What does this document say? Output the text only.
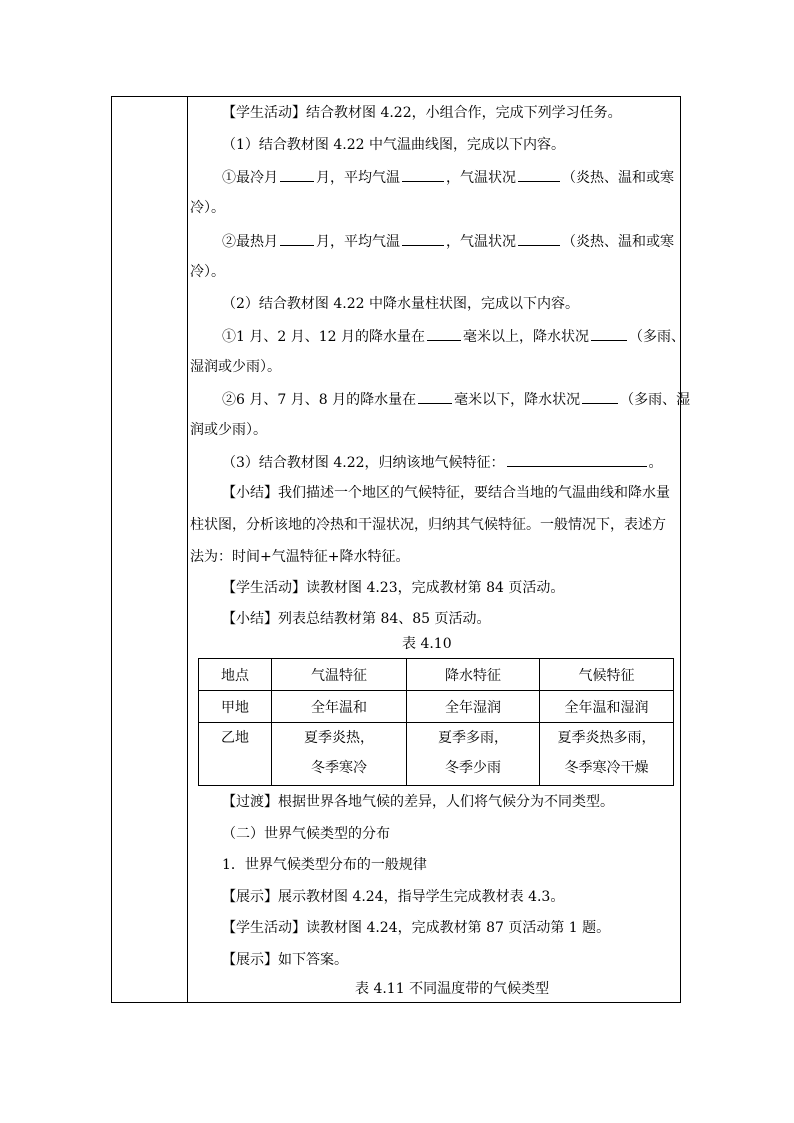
【学生活动】结合教材图 4.22，小组合作，完成下列学习任务。
（1）结合教材图 4.22 中气温曲线图，完成以下内容。
①最冷月	月，平均气温	，气温状况	（炎热、温和或寒
冷）。
②最热月	月，平均气温	，气温状况	（炎热、温和或寒
冷）。
（2）结合教材图 4.22 中降水量柱状图，完成以下内容。
①1 月、2 月、12 月的降水量在	毫米以上，降水状况	（多雨、
湿润或少雨）。
②6 月、7 月、8 月的降水量在	毫米以下，降水状况	（多雨、湿
润或少雨）。
（3）结合教材图 4.22，归纳该地气候特征：	。
【小结】我们描述一个地区的气候特征，要结合当地的气温曲线和降水量
柱状图，分析该地的冷热和干湿状况，归纳其气候特征。一般情况下，表述方
法为：时间+气温特征+降水特征。
【学生活动】读教材图 4.23，完成教材第 84 页活动。
【小结】列表总结教材第 84、85 页活动。
表 4.10
地点	气温特征	降水特征	气候特征
甲地	全年温和	全年湿润	全年温和湿润

乙地	夏季炎热，
冬季寒冷	夏季多雨，
冬季少雨	夏季炎热多雨，
冬季寒冷干燥
【过渡】根据世界各地气候的差异，人们将气候分为不同类型。
（二）世界气候类型的分布
1．世界气候类型分布的一般规律
【展示】展示教材图 4.24，指导学生完成教材表 4.3。
【学生活动】读教材图 4.24，完成教材第 87 页活动第 1 题。
【展示】如下答案。
表 4.11 不同温度带的气候类型
